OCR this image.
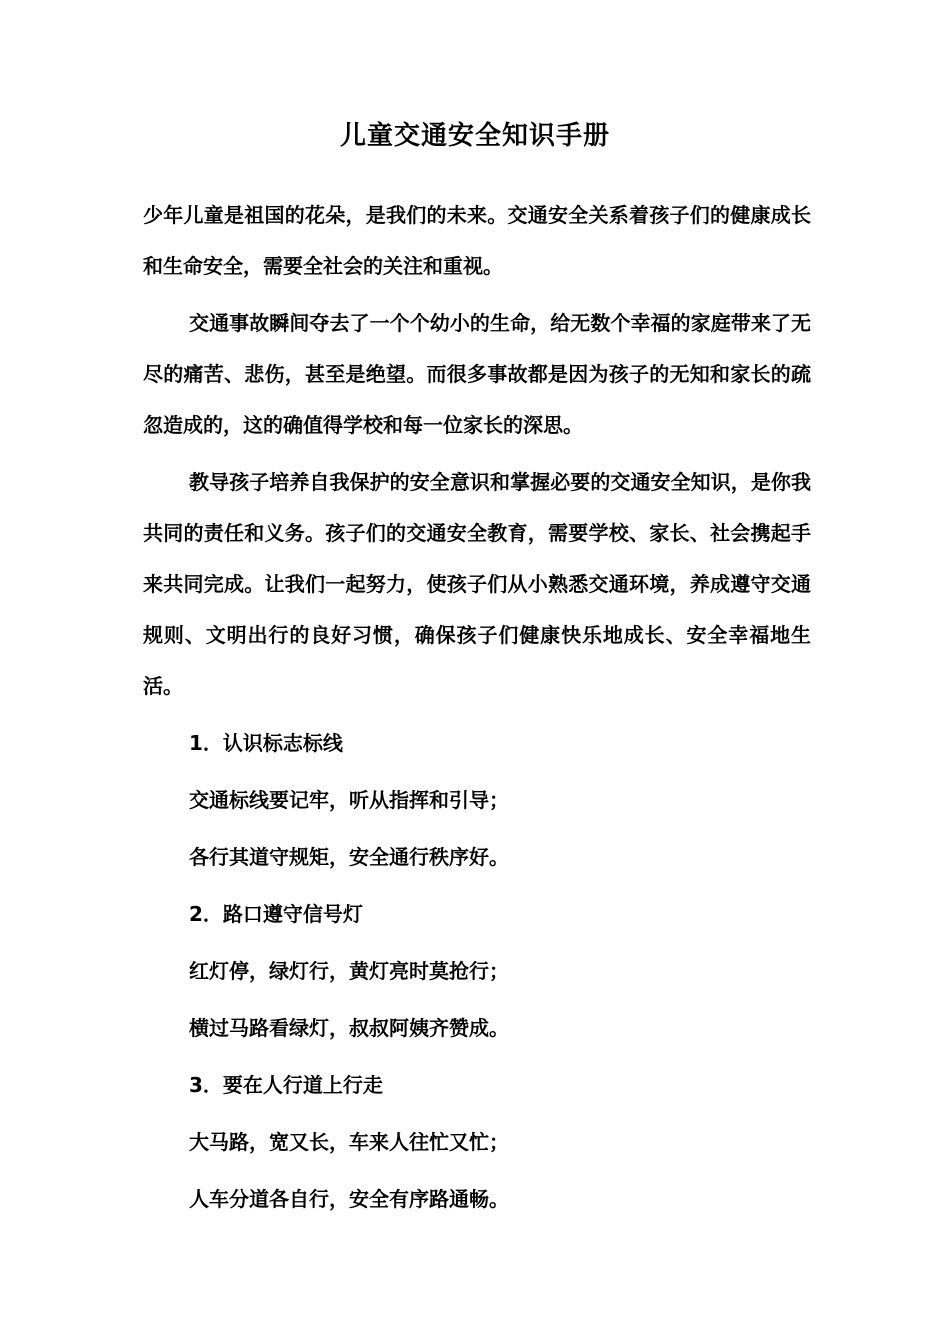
儿童交通安全知识手册

少年儿童是祖国的花朵，是我们的未来。交通安全关系着孩子们的健康成长和生命安全，需要全社会的关注和重视。

交通事故瞬间夺去了一个个幼小的生命，给无数个幸福的家庭带来了无尽的痛苦、悲伤，甚至是绝望。而很多事故都是因为孩子的无知和家长的疏忽造成的，这的确值得学校和每一位家长的深思。

教导孩子培养自我保护的安全意识和掌握必要的交通安全知识，是你我共同的责任和义务。孩子们的交通安全教育，需要学校、家长、社会携起手来共同完成。让我们一起努力，使孩子们从小熟悉交通环境，养成遵守交通规则、文明出行的良好习惯，确保孩子们健康快乐地成长、安全幸福地生活。

1．认识标志标线

交通标线要记牢，听从指挥和引导；

各行其道守规矩，安全通行秩序好。

2．路口遵守信号灯

红灯停，绿灯行，黄灯亮时莫抢行；

横过马路看绿灯，叔叔阿姨齐赞成。

3．要在人行道上行走

大马路，宽又长，车来人往忙又忙；

人车分道各自行，安全有序路通畅。
